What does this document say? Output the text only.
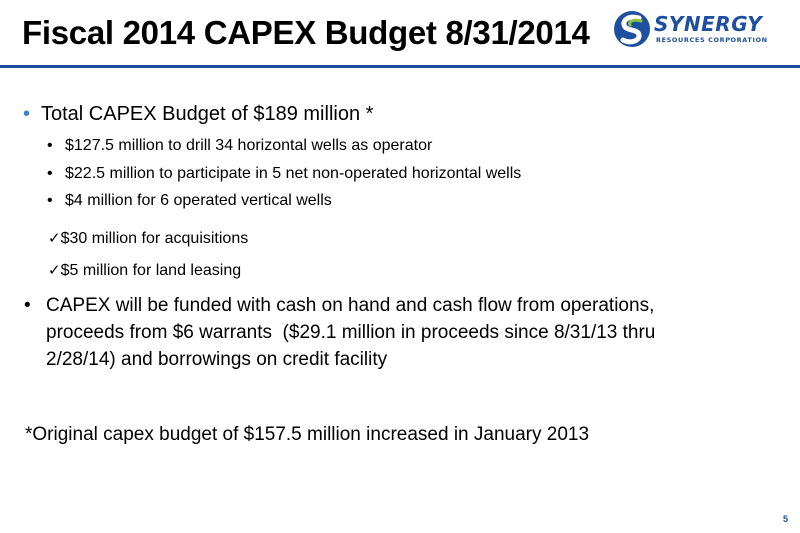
Fiscal 2014 CAPEX Budget 8/31/2014	SYNERGY
RESOURCES CORPORATION
• Total CAPEX Budget of $189 million *
• $127.5 million to drill 34 horizontal wells as operator
• $22.5 million to participate in 5 net non-operated horizontal wells
• $4 million for 6 operated vertical wells
✓$30 million for acquisitions
✓$5 million for land leasing
• CAPEX will be funded with cash on hand and cash flow from operations,
proceeds from $6 warrants  ($29.1 million in proceeds since 8/31/13 thru
2/28/14) and borrowings on credit facility
*Original capex budget of $157.5 million increased in January 2013
5
